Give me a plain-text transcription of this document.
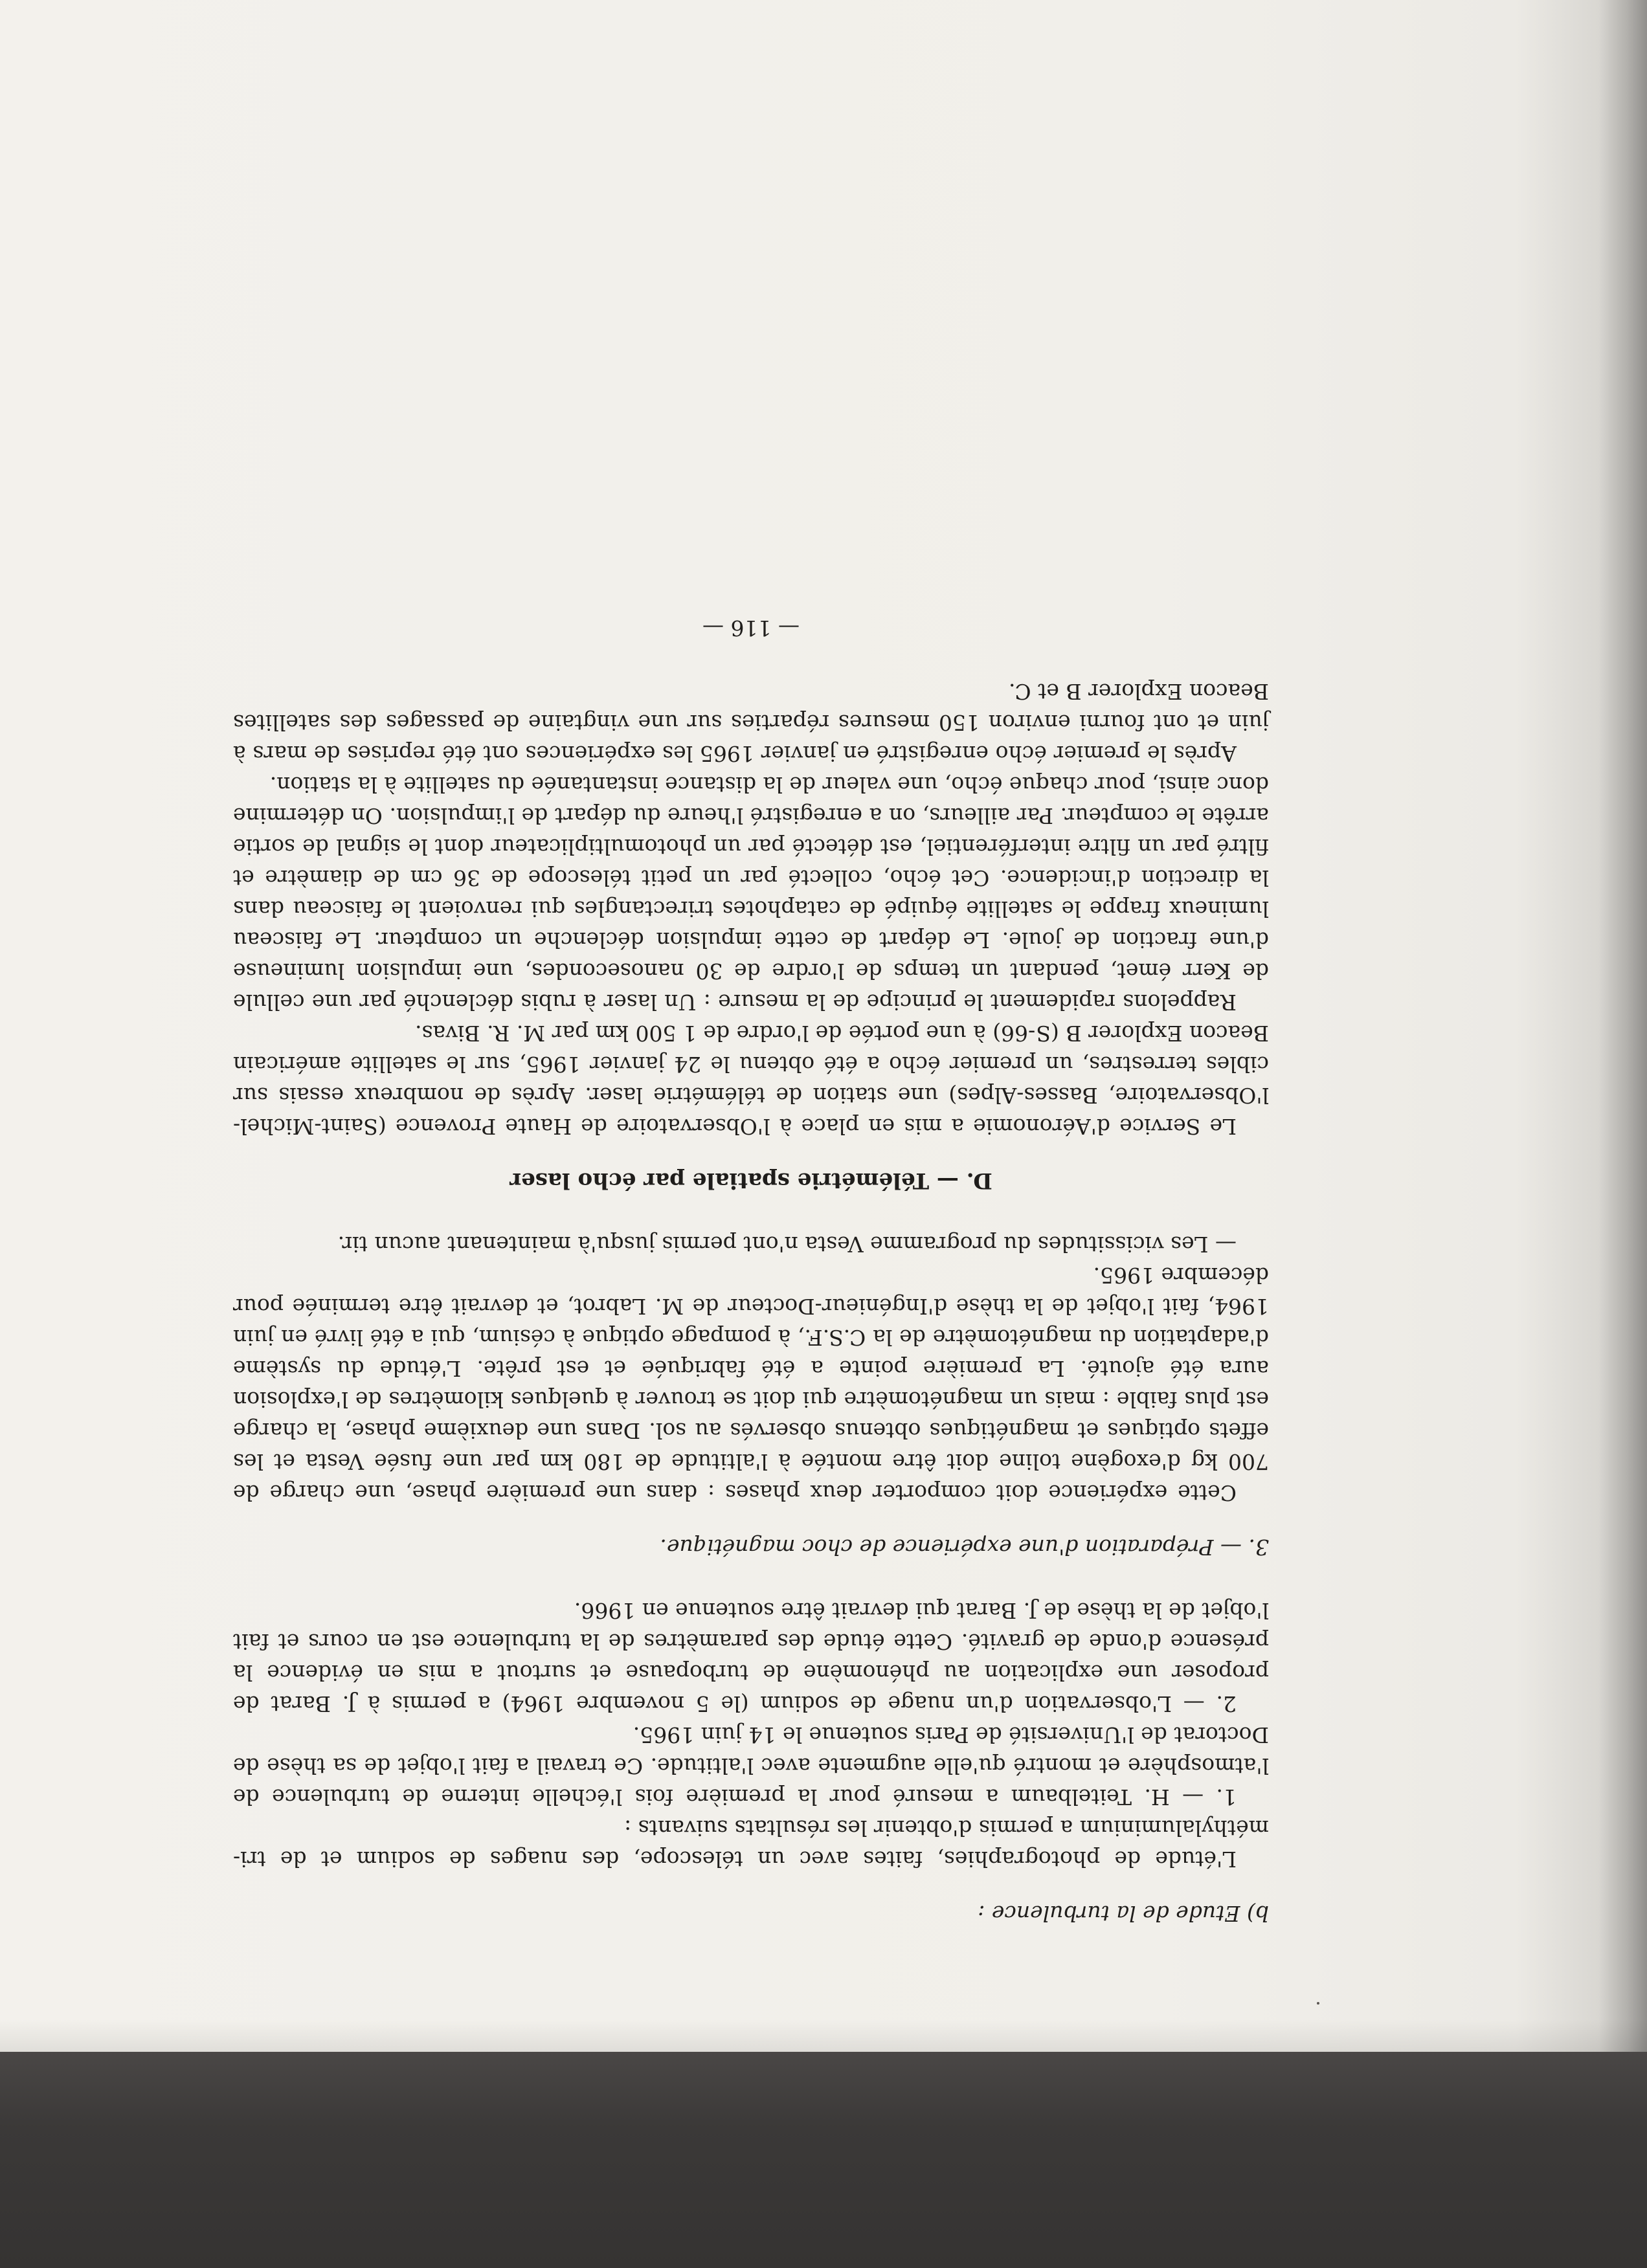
b) Etude de la turbulence :

L'étude de photographies, faites avec un télescope, des nuages de sodium et de tri-méthylaluminium a permis d'obtenir les résultats suivants :

1. — H. Teitelbaum a mesuré pour la première fois l'échelle interne de turbulence de l'atmosphère et montré qu'elle augmente avec l'altitude. Ce travail a fait l'objet de sa thèse de Doctorat de l'Université de Paris soutenue le 14 juin 1965.

2. — L'observation d'un nuage de sodium (le 5 novembre 1964) a permis à J. Barat de proposer une explication au phénomène de turbopause et surtout a mis en évidence la présence d'onde de gravité. Cette étude des paramètres de la turbulence est en cours et fait l'objet de la thèse de J. Barat qui devrait être soutenue en 1966.

3. — Préparation d'une expérience de choc magnétique.

Cette expérience doit comporter deux phases : dans une première phase, une charge de 700 kg d'exogène toline doit être montée à l'altitude de 180 km par une fusée Vesta et les effets optiques et magnétiques obtenus observés au sol. Dans une deuxième phase, la charge est plus faible : mais un magnétomètre qui doit se trouver à quelques kilomètres de l'explosion aura été ajouté. La première pointe a été fabriquée et est prête. L'étude du système d'adaptation du magnétomètre de la C.S.F., à pompage optique à césium, qui a été livré en juin 1964, fait l'objet de la thèse d'Ingénieur-Docteur de M. Labrot, et devrait être terminée pour décembre 1965.

— Les vicissitudes du programme Vesta n'ont permis jusqu'à maintenant aucun tir.

D. — Télémétrie spatiale par écho laser

Le Service d'Aéronomie a mis en place à l'Observatoire de Haute Provence (Saint-Michel-l'Observatoire, Basses-Alpes) une station de télémétrie laser. Après de nombreux essais sur cibles terrestres, un premier écho a été obtenu le 24 janvier 1965, sur le satellite américain Beacon Explorer B (S-66) à une portée de l'ordre de 1 500 km par M. R. Bivas.

Rappelons rapidement le principe de la mesure : Un laser à rubis déclenché par une cellule de Kerr émet, pendant un temps de l'ordre de 30 nanosecondes, une impulsion lumineuse d'une fraction de joule. Le départ de cette impulsion déclenche un compteur. Le faisceau lumineux frappe le satellite équipé de cataphotes trirectangles qui renvoient le faisceau dans la direction d'incidence. Cet écho, collecté par un petit télescope de 36 cm de diamètre et filtré par un filtre interférentiel, est détecté par un photomultiplicateur dont le signal de sortie arrête le compteur. Par ailleurs, on a enregistré l'heure du départ de l'impulsion. On détermine donc ainsi, pour chaque écho, une valeur de la distance instantanée du satellite à la station.

Après le premier écho enregistré en janvier 1965 les expériences ont été reprises de mars à juin et ont fourni environ 150 mesures réparties sur une vingtaine de passages des satellites Beacon Explorer B et C.

— 116 —
